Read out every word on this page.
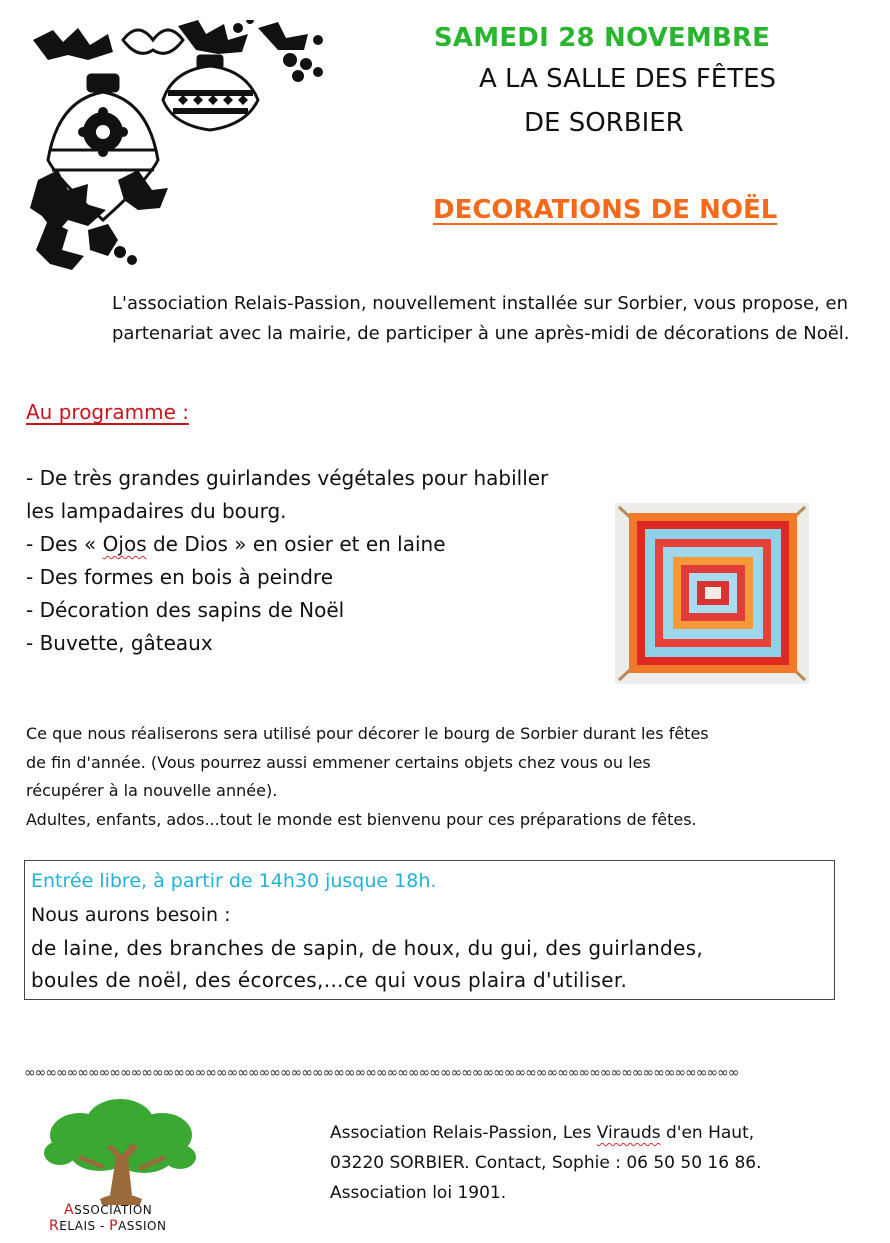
SAMEDI 28 NOVEMBRE
A LA SALLE DES FÊTES
DE SORBIER
DECORATIONS DE NOËL
L'association Relais-Passion, nouvellement installée sur Sorbier, vous propose, en partenariat avec la mairie, de participer à une après-midi de décorations de Noël.
Au programme :
- De très grandes guirlandes végétales pour habiller
les lampadaires du bourg.
- Des « Ojos de Dios » en osier et en laine
- Des formes en bois à peindre
- Décoration des sapins de Noël
- Buvette, gâteaux
Ce que nous réaliserons sera utilisé pour décorer le bourg de Sorbier durant les fêtes
de fin d'année. (Vous pourrez aussi emmener certains objets chez vous ou les
récupérer à la nouvelle année).
Adultes, enfants, ados...tout le monde est bienvenu pour ces préparations de fêtes.
Entrée libre, à partir de 14h30 jusque 18h.
Nous aurons besoin :
de laine, des branches de sapin, de houx, du gui, des guirlandes,
boules de noël, des écorces,…ce qui vous plaira d'utiliser.
∞∞∞∞∞∞∞∞∞∞∞∞∞∞∞∞∞∞∞∞∞∞∞∞∞∞∞∞∞∞∞∞∞∞∞∞∞∞∞∞∞∞∞∞∞∞∞∞∞∞∞∞∞∞∞∞∞∞∞∞∞∞∞∞∞∞∞
ASSOCIATION
RELAIS - PASSION
Association Relais-Passion, Les Virauds d'en Haut,
03220 SORBIER. Contact, Sophie : 06 50 50 16 86.
Association loi 1901.
